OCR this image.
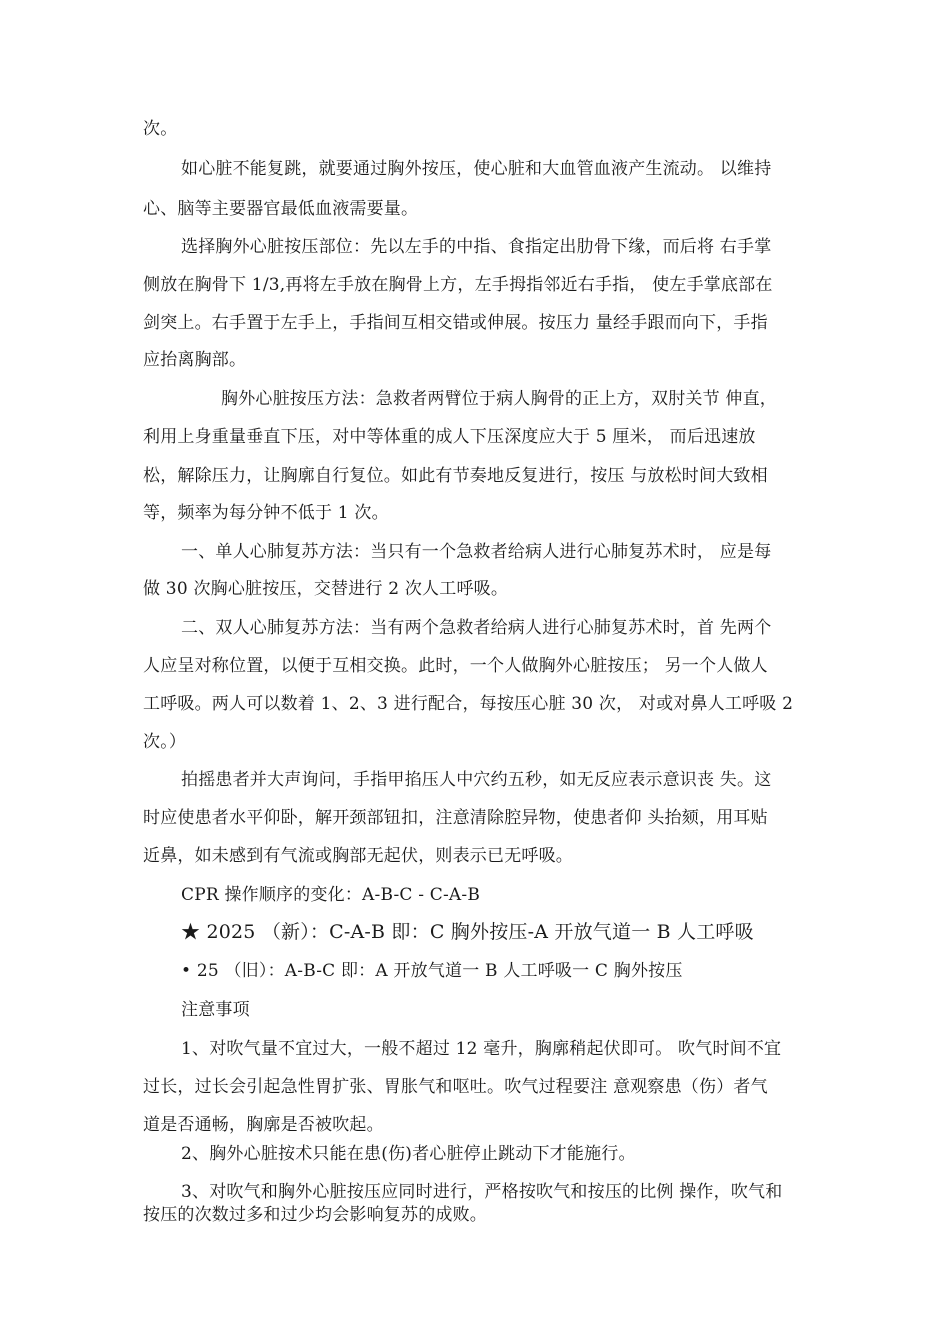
次。
如心脏不能复跳，就要通过胸外按压，使心脏和大血管血液产生流动。 以维持
心、脑等主要器官最低血液需要量。
选择胸外心脏按压部位：先以左手的中指、食指定出肋骨下缘，而后将 右手掌
侧放在胸骨下 1/3,再将左手放在胸骨上方，左手拇指邻近右手指， 使左手掌底部在
剑突上。右手置于左手上，手指间互相交错或伸展。按压力 量经手跟而向下，手指
应抬离胸部。
胸外心脏按压方法：急救者两臂位于病人胸骨的正上方，双肘关节 伸直，
利用上身重量垂直下压，对中等体重的成人下压深度应大于 5 厘米， 而后迅速放
松，解除压力，让胸廓自行复位。如此有节奏地反复进行，按压 与放松时间大致相
等，频率为每分钟不低于 1 次。
一、单人心肺复苏方法：当只有一个急救者给病人进行心肺复苏术时， 应是每
做 30 次胸心脏按压，交替进行 2 次人工呼吸。
二、双人心肺复苏方法：当有两个急救者给病人进行心肺复苏术时，首 先两个
人应呈对称位置，以便于互相交换。此时，一个人做胸外心脏按压； 另一个人做人
工呼吸。两人可以数着 1、2、3 进行配合，每按压心脏 30 次， 对或对鼻人工呼吸 2
次。）
拍摇患者并大声询问，手指甲掐压人中穴约五秒，如无反应表示意识丧 失。这
时应使患者水平仰卧，解开颈部钮扣，注意清除腔异物，使患者仰 头抬颏，用耳贴
近鼻，如未感到有气流或胸部无起伏，则表示已无呼吸。
CPR 操作顺序的变化：A-B-C - C-A-B
★ 2025 （新）：C-A-B 即：C 胸外按压-A 开放气道一 B 人工呼吸
• 25 （旧）：A-B-C 即：A 开放气道一 B 人工呼吸一 C 胸外按压
注意事项
1、对吹气量不宜过大，一般不超过 12 毫升，胸廓稍起伏即可。 吹气时间不宜
过长，过长会引起急性胃扩张、胃胀气和呕吐。吹气过程要注 意观察患（伤）者气
道是否通畅，胸廓是否被吹起。
2、胸外心脏按术只能在患(伤)者心脏停止跳动下才能施行。
3、对吹气和胸外心脏按压应同时进行，严格按吹气和按压的比例 操作，吹气和
按压的次数过多和过少均会影响复苏的成败。
